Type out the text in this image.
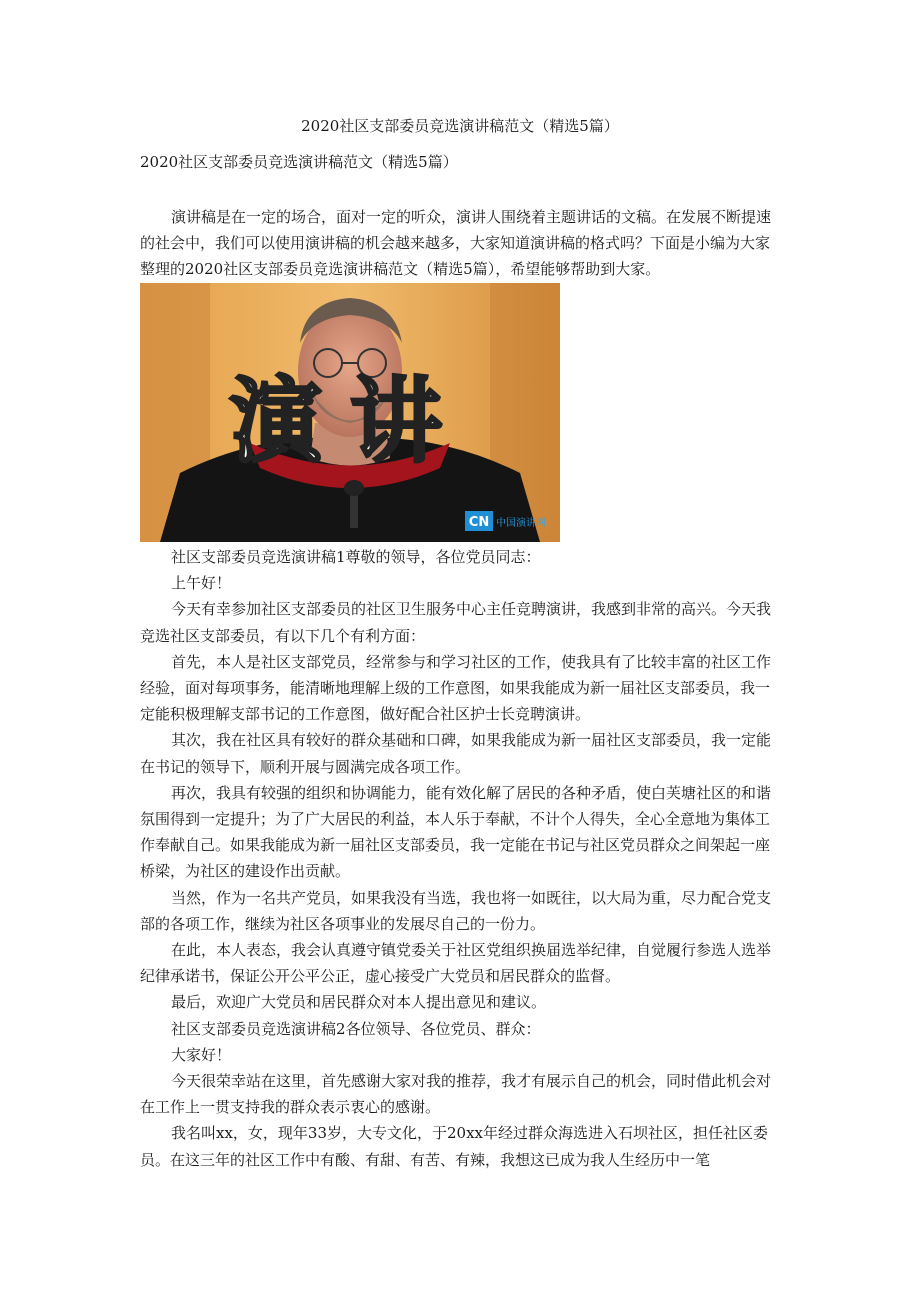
2020社区支部委员竞选演讲稿范文（精选5篇）
2020社区支部委员竞选演讲稿范文（精选5篇）

演讲稿是在一定的场合，面对一定的听众，演讲人围绕着主题讲话的文稿。在发展不断提速的社会中，我们可以使用演讲稿的机会越来越多，大家知道演讲稿的格式吗？下面是小编为大家整理的2020社区支部委员竞选演讲稿范文（精选5篇），希望能够帮助到大家。

演讲
CN 中国演讲网

社区支部委员竞选演讲稿1尊敬的领导，各位党员同志：

上午好！

今天有幸参加社区支部委员的社区卫生服务中心主任竞聘演讲，我感到非常的高兴。今天我竞选社区支部委员，有以下几个有利方面：

首先，本人是社区支部党员，经常参与和学习社区的工作，使我具有了比较丰富的社区工作经验，面对每项事务，能清晰地理解上级的工作意图，如果我能成为新一届社区支部委员，我一定能积极理解支部书记的工作意图，做好配合社区护士长竞聘演讲。

其次，我在社区具有较好的群众基础和口碑，如果我能成为新一届社区支部委员，我一定能在书记的领导下，顺利开展与圆满完成各项工作。

再次，我具有较强的组织和协调能力，能有效化解了居民的各种矛盾，使白芙塘社区的和谐氛围得到一定提升；为了广大居民的利益，本人乐于奉献，不计个人得失，全心全意地为集体工作奉献自己。如果我能成为新一届社区支部委员，我一定能在书记与社区党员群众之间架起一座桥梁，为社区的建设作出贡献。

当然，作为一名共产党员，如果我没有当选，我也将一如既往，以大局为重，尽力配合党支部的各项工作，继续为社区各项事业的发展尽自己的一份力。

在此，本人表态，我会认真遵守镇党委关于社区党组织换届选举纪律，自觉履行参选人选举纪律承诺书，保证公开公平公正，虚心接受广大党员和居民群众的监督。

最后，欢迎广大党员和居民群众对本人提出意见和建议。

社区支部委员竞选演讲稿2各位领导、各位党员、群众：

大家好！

今天很荣幸站在这里，首先感谢大家对我的推荐，我才有展示自己的机会，同时借此机会对在工作上一贯支持我的群众表示衷心的感谢。

我名叫xx，女，现年33岁，大专文化，于20xx年经过群众海选进入石坝社区，担任社区委员。在这三年的社区工作中有酸、有甜、有苦、有辣，我想这已成为我人生经历中一笔
